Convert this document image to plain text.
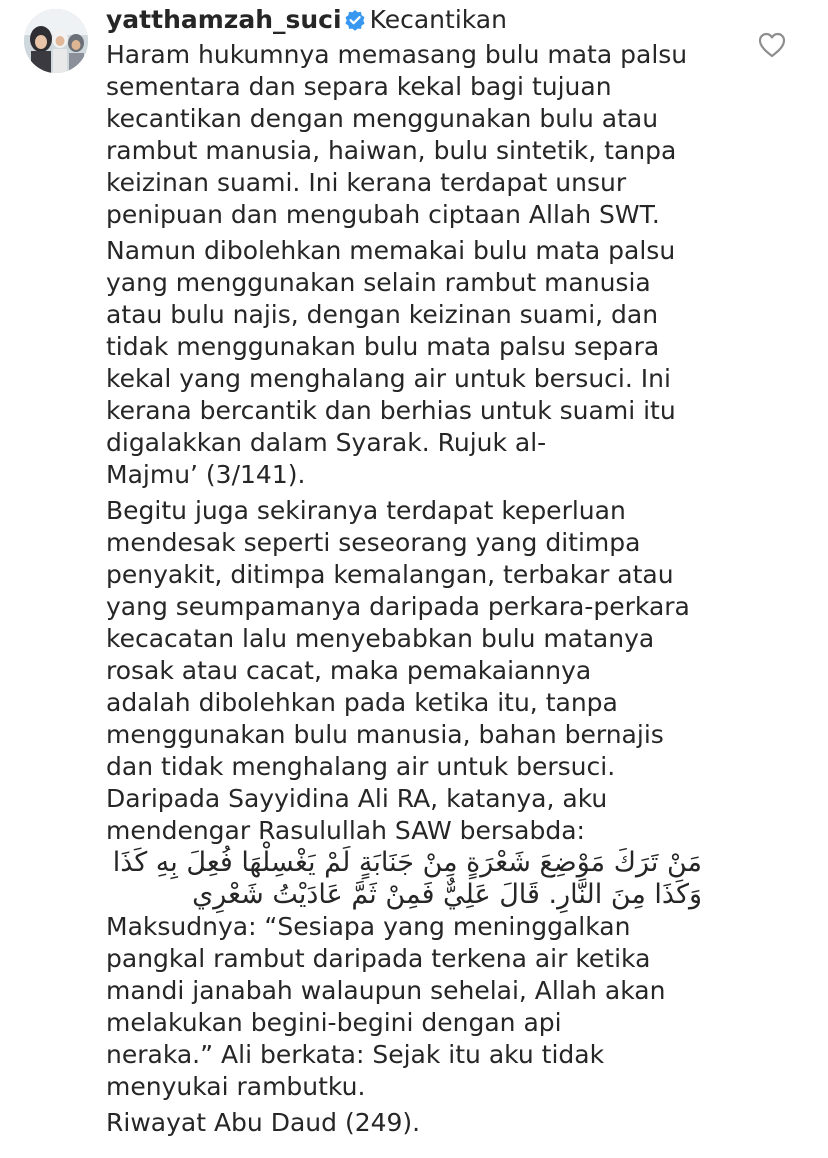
yatthamzah_suci Kecantikan
Haram hukumnya memasang bulu mata palsu
sementara dan separa kekal bagi tujuan
kecantikan dengan menggunakan bulu atau
rambut manusia, haiwan, bulu sintetik, tanpa
keizinan suami. Ini kerana terdapat unsur
penipuan dan mengubah ciptaan Allah SWT.
Namun dibolehkan memakai bulu mata palsu
yang menggunakan selain rambut manusia
atau bulu najis, dengan keizinan suami, dan
tidak menggunakan bulu mata palsu separa
kekal yang menghalang air untuk bersuci. Ini
kerana bercantik dan berhias untuk suami itu
digalakkan dalam Syarak. Rujuk al-
Majmu’ (3/141).
Begitu juga sekiranya terdapat keperluan
mendesak seperti seseorang yang ditimpa
penyakit, ditimpa kemalangan, terbakar atau
yang seumpamanya daripada perkara-perkara
kecacatan lalu menyebabkan bulu matanya
rosak atau cacat, maka pemakaiannya
adalah dibolehkan pada ketika itu, tanpa
menggunakan bulu manusia, bahan bernajis
dan tidak menghalang air untuk bersuci.
Daripada Sayyidina Ali RA, katanya, aku
mendengar Rasulullah SAW bersabda:
مَنْ تَرَكَ مَوْضِعَ شَعْرَةٍ مِنْ جَنَابَةٍ لَمْ يَغْسِلْهَا فُعِلَ بِهِ كَذَا
وَكَذَا مِنَ النَّارِ. قَالَ عَلِيٌّ فَمِنْ ثَمَّ عَادَيْتُ شَعْرِي
Maksudnya: “Sesiapa yang meninggalkan
pangkal rambut daripada terkena air ketika
mandi janabah walaupun sehelai, Allah akan
melakukan begini-begini dengan api
neraka.” Ali berkata: Sejak itu aku tidak
menyukai rambutku.
Riwayat Abu Daud (249).
